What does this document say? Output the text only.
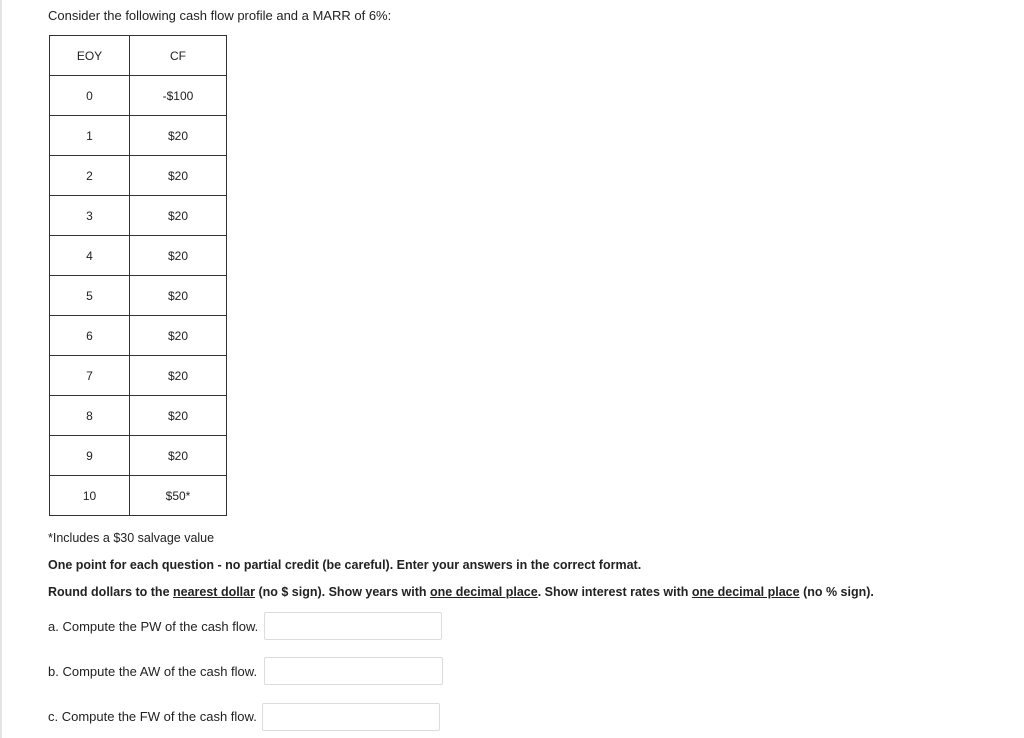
Consider the following cash flow profile and a MARR of 6%:
EOY	CF
0	-$100
1	$20
2	$20
3	$20
4	$20
5	$20
6	$20
7	$20
8	$20
9	$20
10	$50*
*Includes a $30 salvage value
One point for each question - no partial credit (be careful). Enter your answers in the correct format.
Round dollars to the nearest dollar (no $ sign). Show years with one decimal place. Show interest rates with one decimal place (no % sign).
a. Compute the PW of the cash flow.
b. Compute the AW of the cash flow.
c. Compute the FW of the cash flow.
